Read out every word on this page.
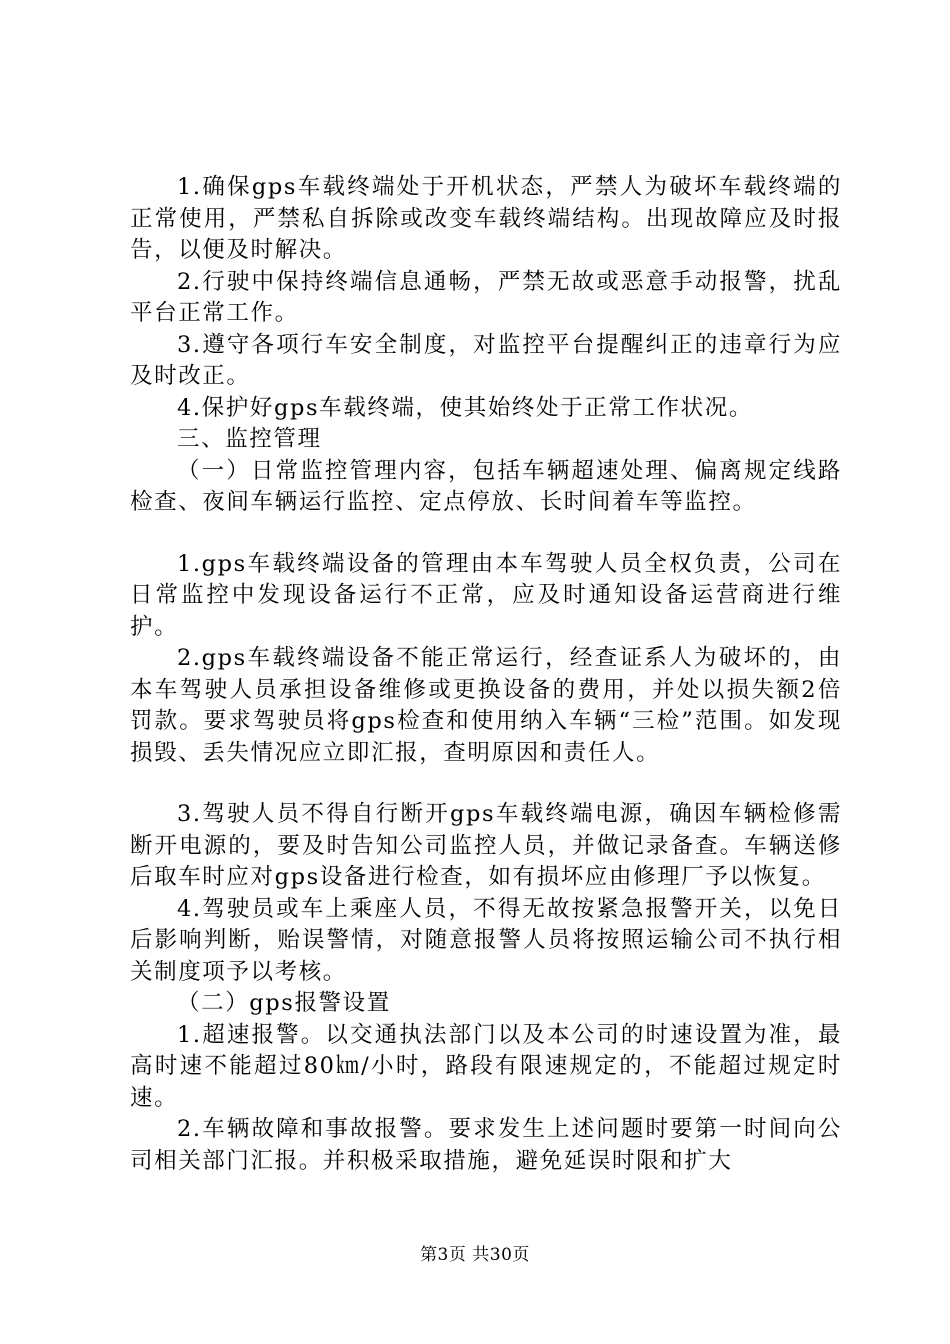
1.确保gps车载终端处于开机状态，严禁人为破坏车载终端的正常使用，严禁私自拆除或改变车载终端结构。出现故障应及时报告，以便及时解决。

2.行驶中保持终端信息通畅，严禁无故或恶意手动报警，扰乱平台正常工作。

3.遵守各项行车安全制度，对监控平台提醒纠正的违章行为应及时改正。

4.保护好gps车载终端，使其始终处于正常工作状况。

三、监控管理

（一）日常监控管理内容，包括车辆超速处理、偏离规定线路检查、夜间车辆运行监控、定点停放、长时间着车等监控。

1.gps车载终端设备的管理由本车驾驶人员全权负责，公司在日常监控中发现设备运行不正常，应及时通知设备运营商进行维护。

2.gps车载终端设备不能正常运行，经查证系人为破坏的，由本车驾驶人员承担设备维修或更换设备的费用，并处以损失额2倍罚款。要求驾驶员将gps检查和使用纳入车辆“三检”范围。如发现损毁、丢失情况应立即汇报，查明原因和责任人。

3.驾驶人员不得自行断开gps车载终端电源，确因车辆检修需断开电源的，要及时告知公司监控人员，并做记录备查。车辆送修后取车时应对gps设备进行检查，如有损坏应由修理厂予以恢复。

4.驾驶员或车上乘座人员，不得无故按紧急报警开关，以免日后影响判断，贻误警情，对随意报警人员将按照运输公司不执行相关制度项予以考核。

（二）gps报警设置

1.超速报警。以交通执法部门以及本公司的时速设置为准，最高时速不能超过80㎞/小时，路段有限速规定的，不能超过规定时速。

2.车辆故障和事故报警。要求发生上述问题时要第一时间向公司相关部门汇报。并积极采取措施，避免延误时限和扩大

第3页 共30页
